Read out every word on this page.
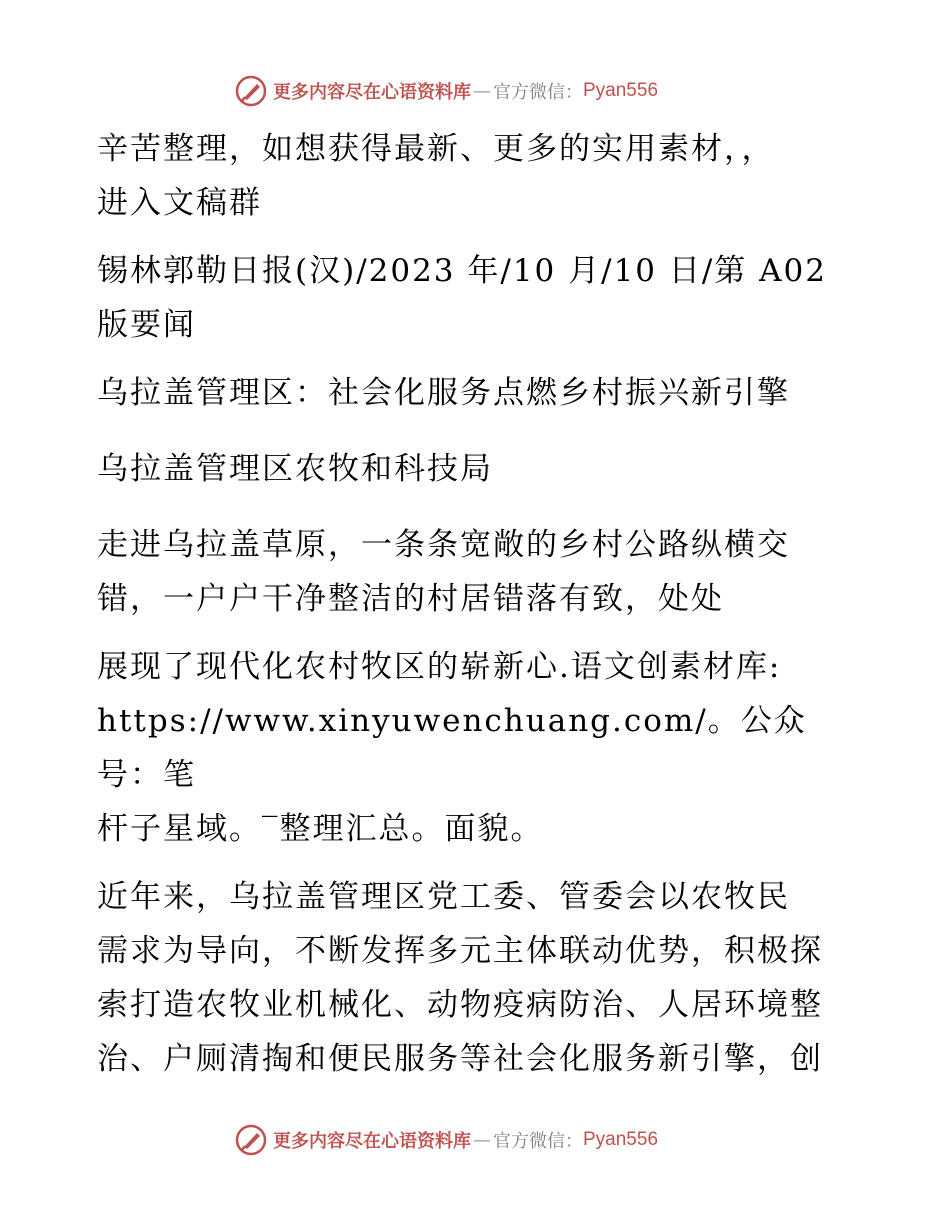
更多内容尽在心语资料库 — 官方微信： Pyan556

辛苦整理，如想获得最新、更多的实用素材，，
进入文稿群

锡林郭勒日报(汉)/2023 年/10 月/10 日/第 A02
版要闻

乌拉盖管理区：社会化服务点燃乡村振兴新引擎

乌拉盖管理区农牧和科技局

走进乌拉盖草原，一条条宽敞的乡村公路纵横交
错，一户户干净整洁的村居错落有致，处处

展现了现代化农村牧区的崭新心.语文创素材库:
https://www.xinyuwenchuang.com/。公众号：笔
杆子星域。‾整理汇总。面貌。

近年来，乌拉盖管理区党工委、管委会以农牧民
需求为导向，不断发挥多元主体联动优势，积极探
索打造农牧业机械化、动物疫病防治、人居环境整
治、户厕清掏和便民服务等社会化服务新引擎，创

更多内容尽在心语资料库 — 官方微信： Pyan556
